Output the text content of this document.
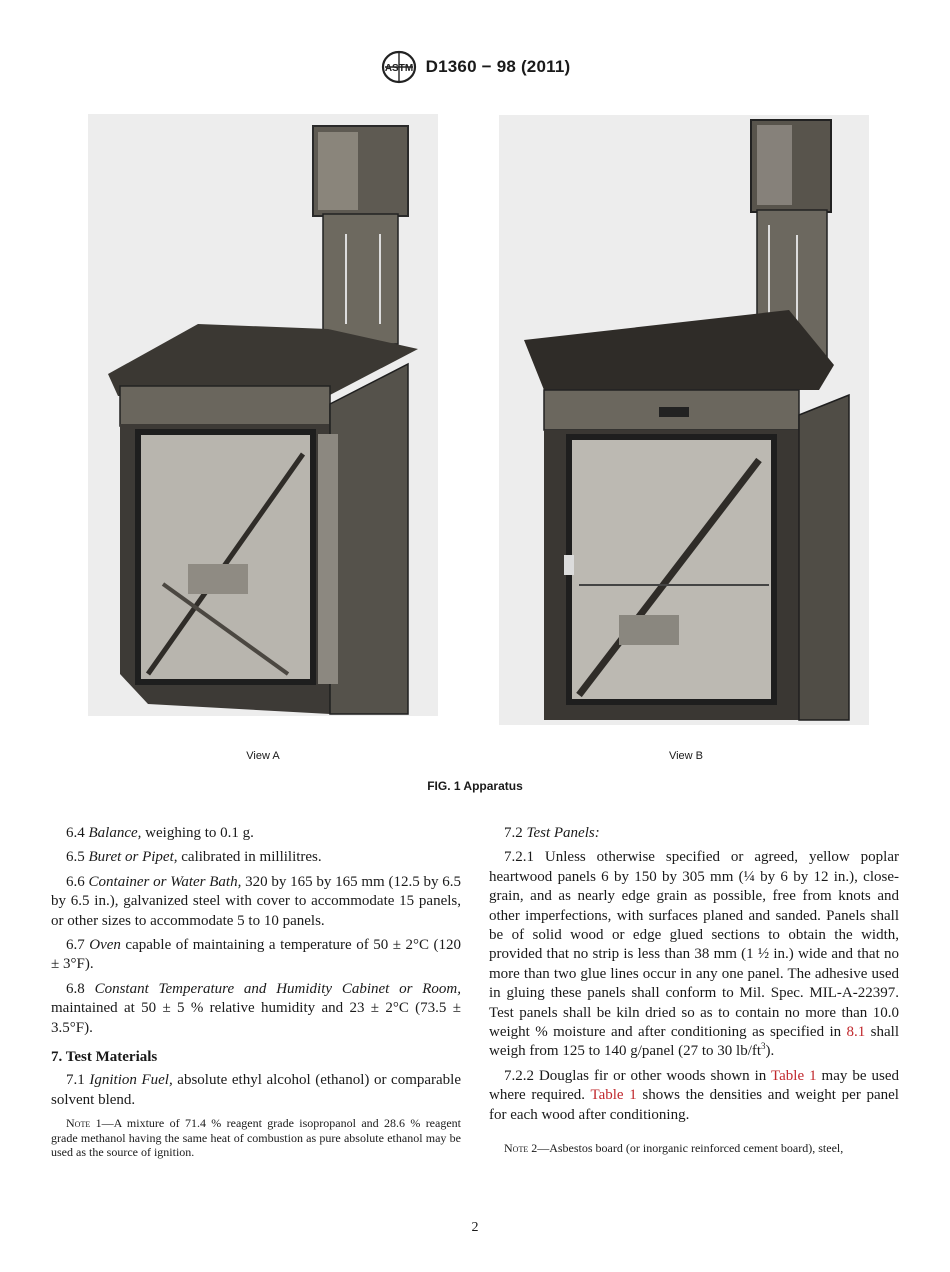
ASTM D1360 − 98 (2011)
View A	View B
FIG. 1 Apparatus

6.4 Balance, weighing to 0.1 g.

6.5 Buret or Pipet, calibrated in millilitres.

6.6 Container or Water Bath, 320 by 165 by 165 mm (12.5 by 6.5 by 6.5 in.), galvanized steel with cover to accommodate 15 panels, or other sizes to accommodate 5 to 10 panels.

6.7 Oven capable of maintaining a temperature of 50 ± 2°C (120 ± 3°F).

6.8 Constant Temperature and Humidity Cabinet or Room, maintained at 50 ± 5 % relative humidity and 23 ± 2°C (73.5 ± 3.5°F).

7. Test Materials

7.1 Ignition Fuel, absolute ethyl alcohol (ethanol) or comparable solvent blend.

Note 1—A mixture of 71.4 % reagent grade isopropanol and 28.6 % reagent grade methanol having the same heat of combustion as pure absolute ethanol may be used as the source of ignition.

7.2 Test Panels:

7.2.1 Unless otherwise specified or agreed, yellow poplar heartwood panels 6 by 150 by 305 mm (¼ by 6 by 12 in.), close-grain, and as nearly edge grain as possible, free from knots and other imperfections, with surfaces planed and sanded. Panels shall be of solid wood or edge glued sections to obtain the width, provided that no strip is less than 38 mm (1 ½ in.) wide and that no more than two glue lines occur in any one panel. The adhesive used in gluing these panels shall conform to Mil. Spec. MIL-A-22397. Test panels shall be kiln dried so as to contain no more than 10.0 weight % moisture and after conditioning as specified in 8.1 shall weigh from 125 to 140 g/panel (27 to 30 $lb/ft^3$).

7.2.2 Douglas fir or other woods shown in Table 1 may be used where required. Table 1 shows the densities and weight per panel for each wood after conditioning.

Note 2—Asbestos board (or inorganic reinforced cement board), steel,

2
